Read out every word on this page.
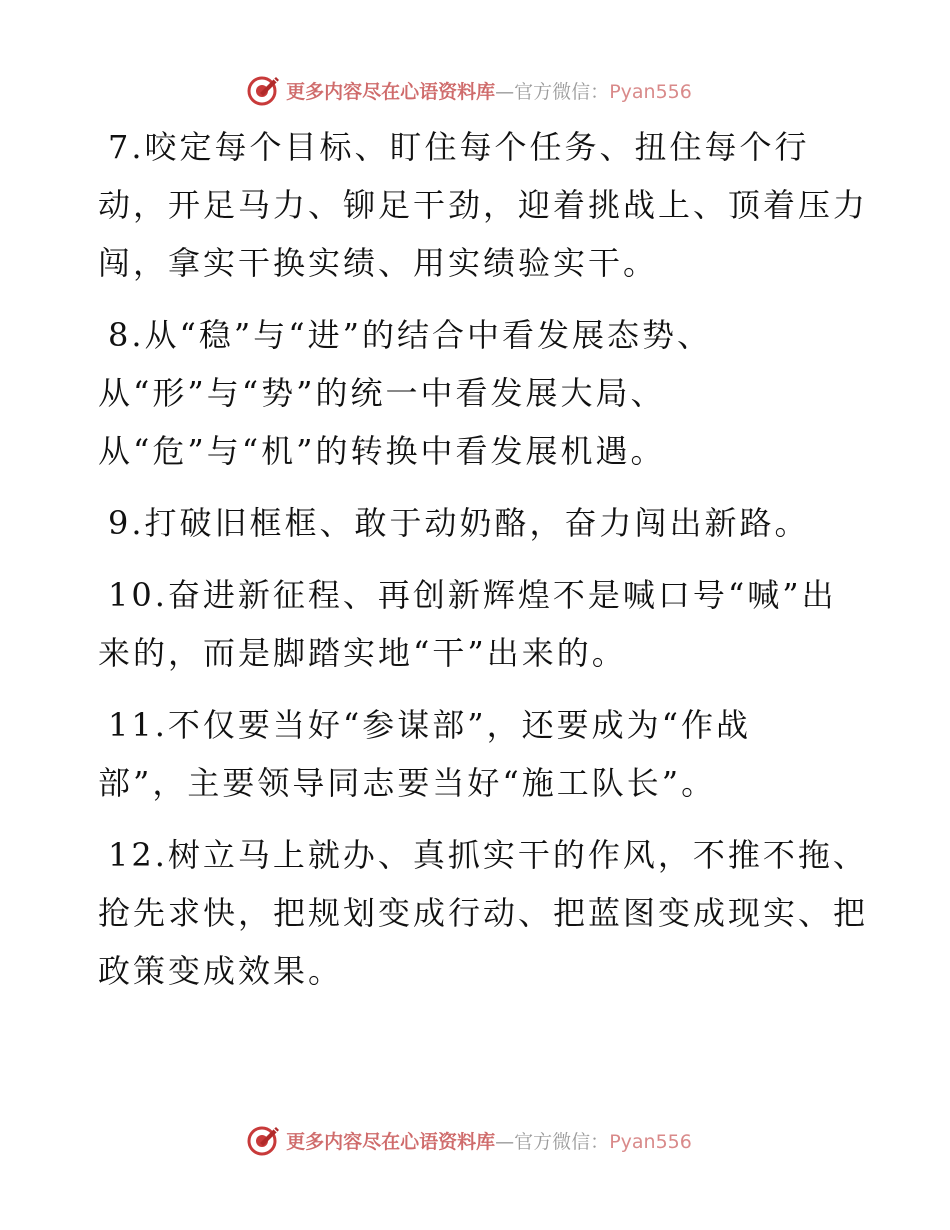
更多内容尽在心语资料库—官方微信：Pyan556
7.咬定每个目标、盯住每个任务、扭住每个行
动，开足马力、铆足干劲，迎着挑战上、顶着压力
闯，拿实干换实绩、用实绩验实干。
8.从“稳”与“进”的结合中看发展态势、
从“形”与“势”的统一中看发展大局、
从“危”与“机”的转换中看发展机遇。
9.打破旧框框、敢于动奶酪，奋力闯出新路。
10.奋进新征程、再创新辉煌不是喊口号“喊”出
来的，而是脚踏实地“干”出来的。
11.不仅要当好“参谋部”，还要成为“作战
部”，主要领导同志要当好“施工队长”。
12.树立马上就办、真抓实干的作风，不推不拖、
抢先求快，把规划变成行动、把蓝图变成现实、把
政策变成效果。
更多内容尽在心语资料库—官方微信：Pyan556
